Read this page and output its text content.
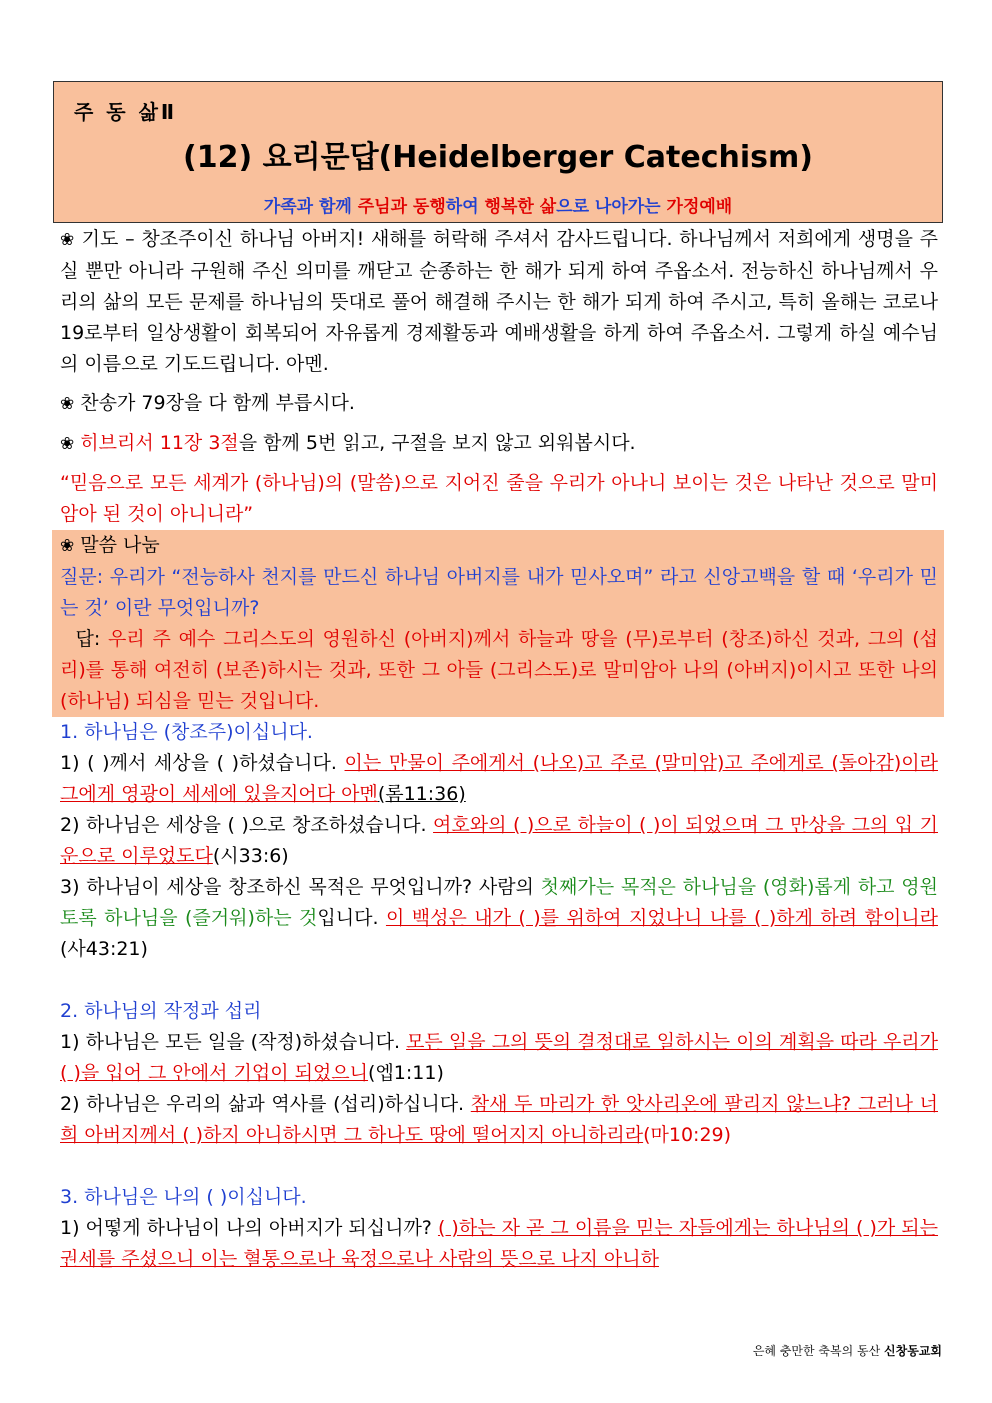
주 동 삶Ⅱ
(12) 요리문답(Heidelberger Catechism)
가족과 함께 주님과 동행하여 행복한 삶으로 나아가는 가정예배

❀ 기도 – 창조주이신 하나님 아버지! 새해를 허락해 주셔서 감사드립니다. 하나님께서 저희에게 생명을 주실 뿐만 아니라 구원해 주신 의미를 깨닫고 순종하는 한 해가 되게 하여 주옵소서. 전능하신 하나님께서 우리의 삶의 모든 문제를 하나님의 뜻대로 풀어 해결해 주시는 한 해가 되게 하여 주시고, 특히 올해는 코로나19로부터 일상생활이 회복되어 자유롭게 경제활동과 예배생활을 하게 하여 주옵소서. 그렇게 하실 예수님의 이름으로 기도드립니다. 아멘.

❀ 찬송가 79장을 다 함께 부릅시다.

❀ 히브리서 11장 3절을 함께 5번 읽고, 구절을 보지 않고 외워봅시다.

“믿음으로 모든 세계가 (하나님)의 (말씀)으로 지어진 줄을 우리가 아나니 보이는 것은 나타난 것으로 말미암아 된 것이 아니니라”

❀ 말씀 나눔

질문: 우리가 “전능하사 천지를 만드신 하나님 아버지를 내가 믿사오며” 라고 신앙고백을 할 때 ‘우리가 믿는 것’ 이란 무엇입니까?

답: 우리 주 예수 그리스도의 영원하신 (아버지)께서 하늘과 땅을 (무)로부터 (창조)하신 것과, 그의 (섭리)를 통해 여전히 (보존)하시는 것과, 또한 그 아들 (그리스도)로 말미암아 나의 (아버지)이시고 또한 나의 (하나님) 되심을 믿는 것입니다.

1. 하나님은 (창조주)이십니다.

1) ( )께서 세상을 ( )하셨습니다. 이는 만물이 주에게서 (나오)고 주로 (말미암)고 주에게로 (돌아감)이라 그에게 영광이 세세에 있을지어다 아멘(롬11:36)

2) 하나님은 세상을 ( )으로 창조하셨습니다. 여호와의 ( )으로 하늘이 ( )이 되었으며 그 만상을 그의 입 기운으로 이루었도다(시33:6)

3) 하나님이 세상을 창조하신 목적은 무엇입니까? 사람의 첫째가는 목적은 하나님을 (영화)롭게 하고 영원토록 하나님을 (즐거워)하는 것입니다. 이 백성은 내가 ( )를 위하여 지었나니 나를 ( )하게 하려 함이니라(사43:21)

2. 하나님의 작정과 섭리

1) 하나님은 모든 일을 (작정)하셨습니다. 모든 일을 그의 뜻의 결정대로 일하시는 이의 계획을 따라 우리가 ( )을 입어 그 안에서 기업이 되었으니(엡1:11)

2) 하나님은 우리의 삶과 역사를 (섭리)하십니다. 참새 두 마리가 한 앗사리온에 팔리지 않느냐? 그러나 너희 아버지께서 ( )하지 아니하시면 그 하나도 땅에 떨어지지 아니하리라(마10:29)

3. 하나님은 나의 ( )이십니다.

1) 어떻게 하나님이 나의 아버지가 되십니까? ( )하는 자 곧 그 이름을 믿는 자들에게는 하나님의 ( )가 되는 권세를 주셨으니 이는 혈통으로나 육정으로나 사람의 뜻으로 나지 아니하

은혜 충만한 축복의 동산 신창동교회
